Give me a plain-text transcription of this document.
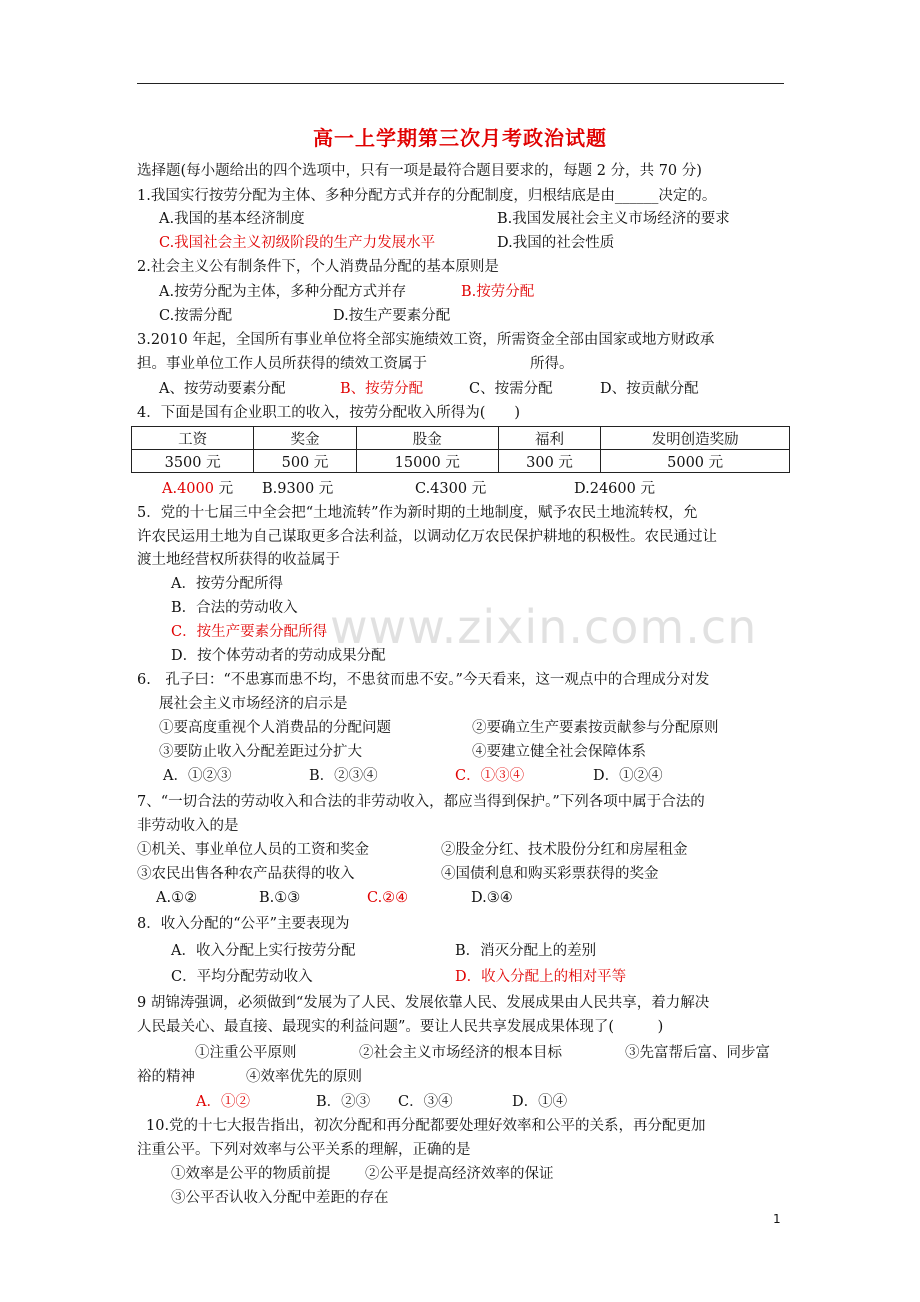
高一上学期第三次月考政治试题
选择题(每小题给出的四个选项中，只有一项是最符合题目要求的，每题 2 分，共 70 分)
1.我国实行按劳分配为主体、多种分配方式并存的分配制度，归根结底是由______决定的。
A.我国的基本经济制度	B.我国发展社会主义市场经济的要求
C.我国社会主义初级阶段的生产力发展水平	D.我国的社会性质
2.社会主义公有制条件下，个人消费品分配的基本原则是
A.按劳分配为主体，多种分配方式并存	B.按劳分配
C.按需分配	D.按生产要素分配
3.2010 年起，全国所有事业单位将全部实施绩效工资，所需资金全部由国家或地方财政承
担。事业单位工作人员所获得的绩效工资属于	所得。
A、按劳动要素分配	B、按劳分配	C、按需分配	D、按贡献分配
4．下面是国有企业职工的收入，按劳分配收入所得为(　　)
工资	奖金	股金	福利	发明创造奖励
3500 元	500 元	15000 元	300 元	5000 元
A.4000 元 B.9300 元	C.4300 元	D.24600 元
5．党的十七届三中全会把“土地流转”作为新时期的土地制度，赋予农民土地流转权，允
许农民运用土地为自己谋取更多合法利益，以调动亿万农民保护耕地的积极性。农民通过让
渡土地经营权所获得的收益属于
A．按劳分配所得
B．合法的劳动收入
C．按生产要素分配所得
D．按个体劳动者的劳动成果分配
www.zixin.com.cn
6.　孔子曰：“不患寡而患不均，不患贫而患不安。”今天看来，这一观点中的合理成分对发
展社会主义市场经济的启示是
①要高度重视个人消费品的分配问题	②要确立生产要素按贡献参与分配原则
③要防止收入分配差距过分扩大	④要建立健全社会保障体系
A．①②③	B．②③④	C．①③④	D．①②④
7、“一切合法的劳动收入和合法的非劳动收入，都应当得到保护。”下列各项中属于合法的
非劳动收入的是
①机关、事业单位人员的工资和奖金	②股金分红、技术股份分红和房屋租金
③农民出售各种农产品获得的收入	④国债利息和购买彩票获得的奖金
A.①②	B.①③	C.②④	D.③④
8．收入分配的“公平”主要表现为
A．收入分配上实行按劳分配	B．消灭分配上的差别
C．平均分配劳动收入	D．收入分配上的相对平等
9 胡锦涛强调，必须做到“发展为了人民、发展依靠人民、发展成果由人民共享，着力解决
人民最关心、最直接、最现实的利益问题”。要让人民共享发展成果体现了(　　　)
①注重公平原则	②社会主义市场经济的根本目标	③先富帮后富、同步富
裕的精神	④效率优先的原则
A．①②	B．②③ C．③④	D．①④
10.党的十七大报告指出，初次分配和再分配都要处理好效率和公平的关系，再分配更加
注重公平。下列对效率与公平关系的理解，正确的是
①效率是公平的物质前提 ②公平是提高经济效率的保证
③公平否认收入分配中差距的存在
1
